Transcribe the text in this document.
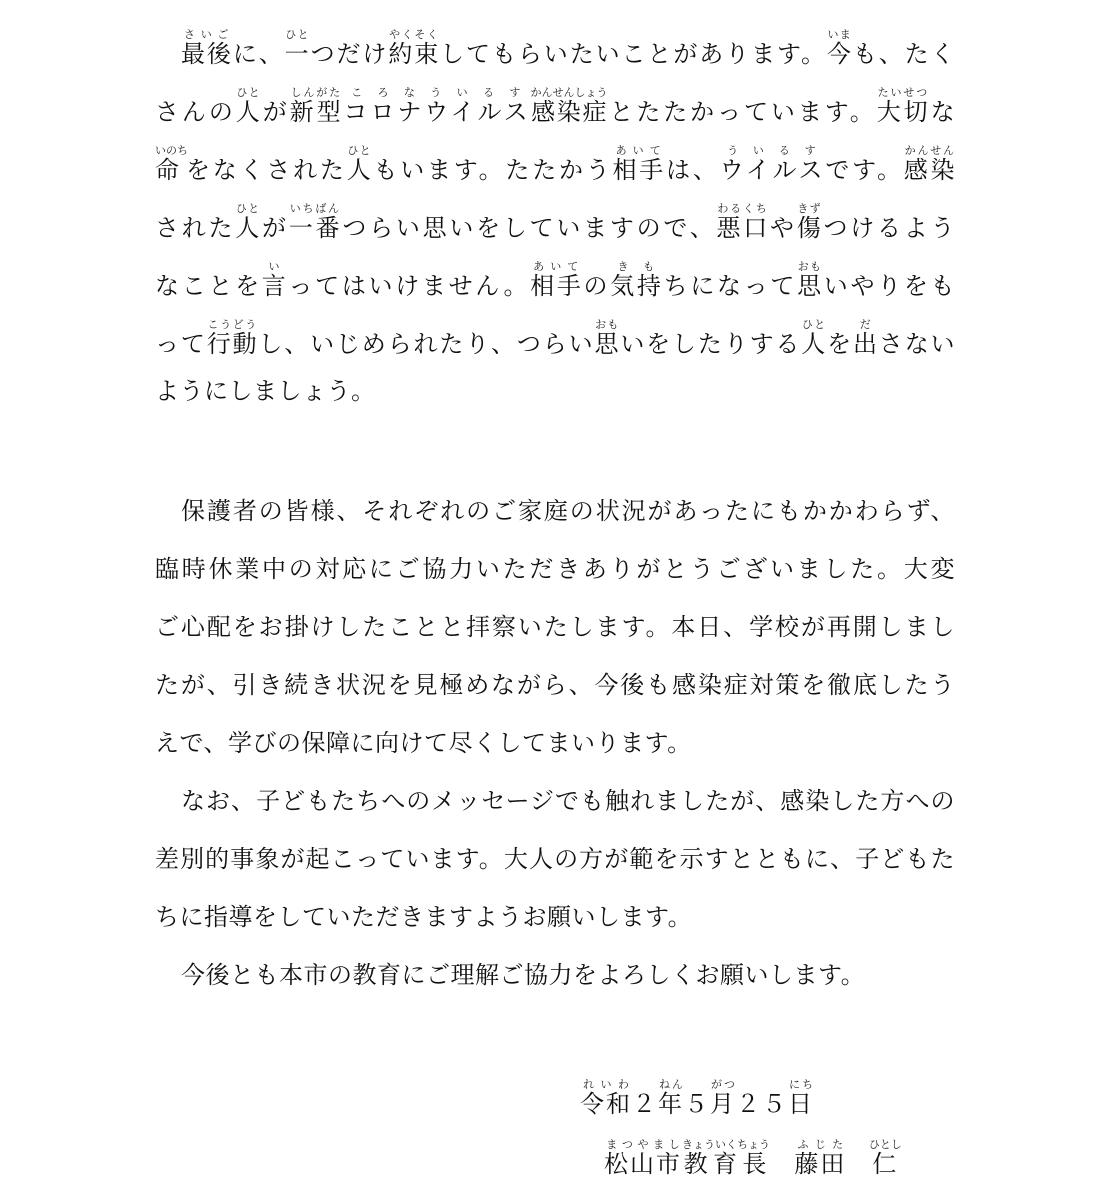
最後さいごに、一ひとつだけ約束やくそくしてもらいたいことがあります。今いまも、たく
さんの人ひとが新型しんがたコロナウイルスころなういるす感染症かんせんしょうとたたかっています。大切たいせつな
命いのちをなくされた人ひともいます。たたかう相手あいては、ウイルスういるすです。感染かんせん
された人ひとが一番いちばんつらい思いをしていますので、悪口わるくちや傷きずつけるよう
なことを言いってはいけません。相手あいての気持きもちになって思おもいやりをも
って行動こうどうし、いじめられたり、つらい思おもいをしたりする人ひとを出ださない
ようにしましょう。
保護者の皆様、それぞれのご家庭の状況があったにもかかわらず、
臨時休業中の対応にご協力いただきありがとうございました。大変
ご心配をお掛けしたことと拝察いたします。本日、学校が再開しまし
たが、引き続き状況を見極めながら、今後も感染症対策を徹底したう
えで、学びの保障に向けて尽くしてまいります。
なお、子どもたちへのメッセージでも触れましたが、感染した方への
差別的事象が起こっています。大人の方が範を示すとともに、子どもた
ちに指導をしていただきますようお願いします。
今後とも本市の教育にご理解ご協力をよろしくお願いします。
令和れいわ２年ねん５月がつ２５日にち
松山市まつやまし教育長きょういくちょう　藤田ふじた　仁ひとし
